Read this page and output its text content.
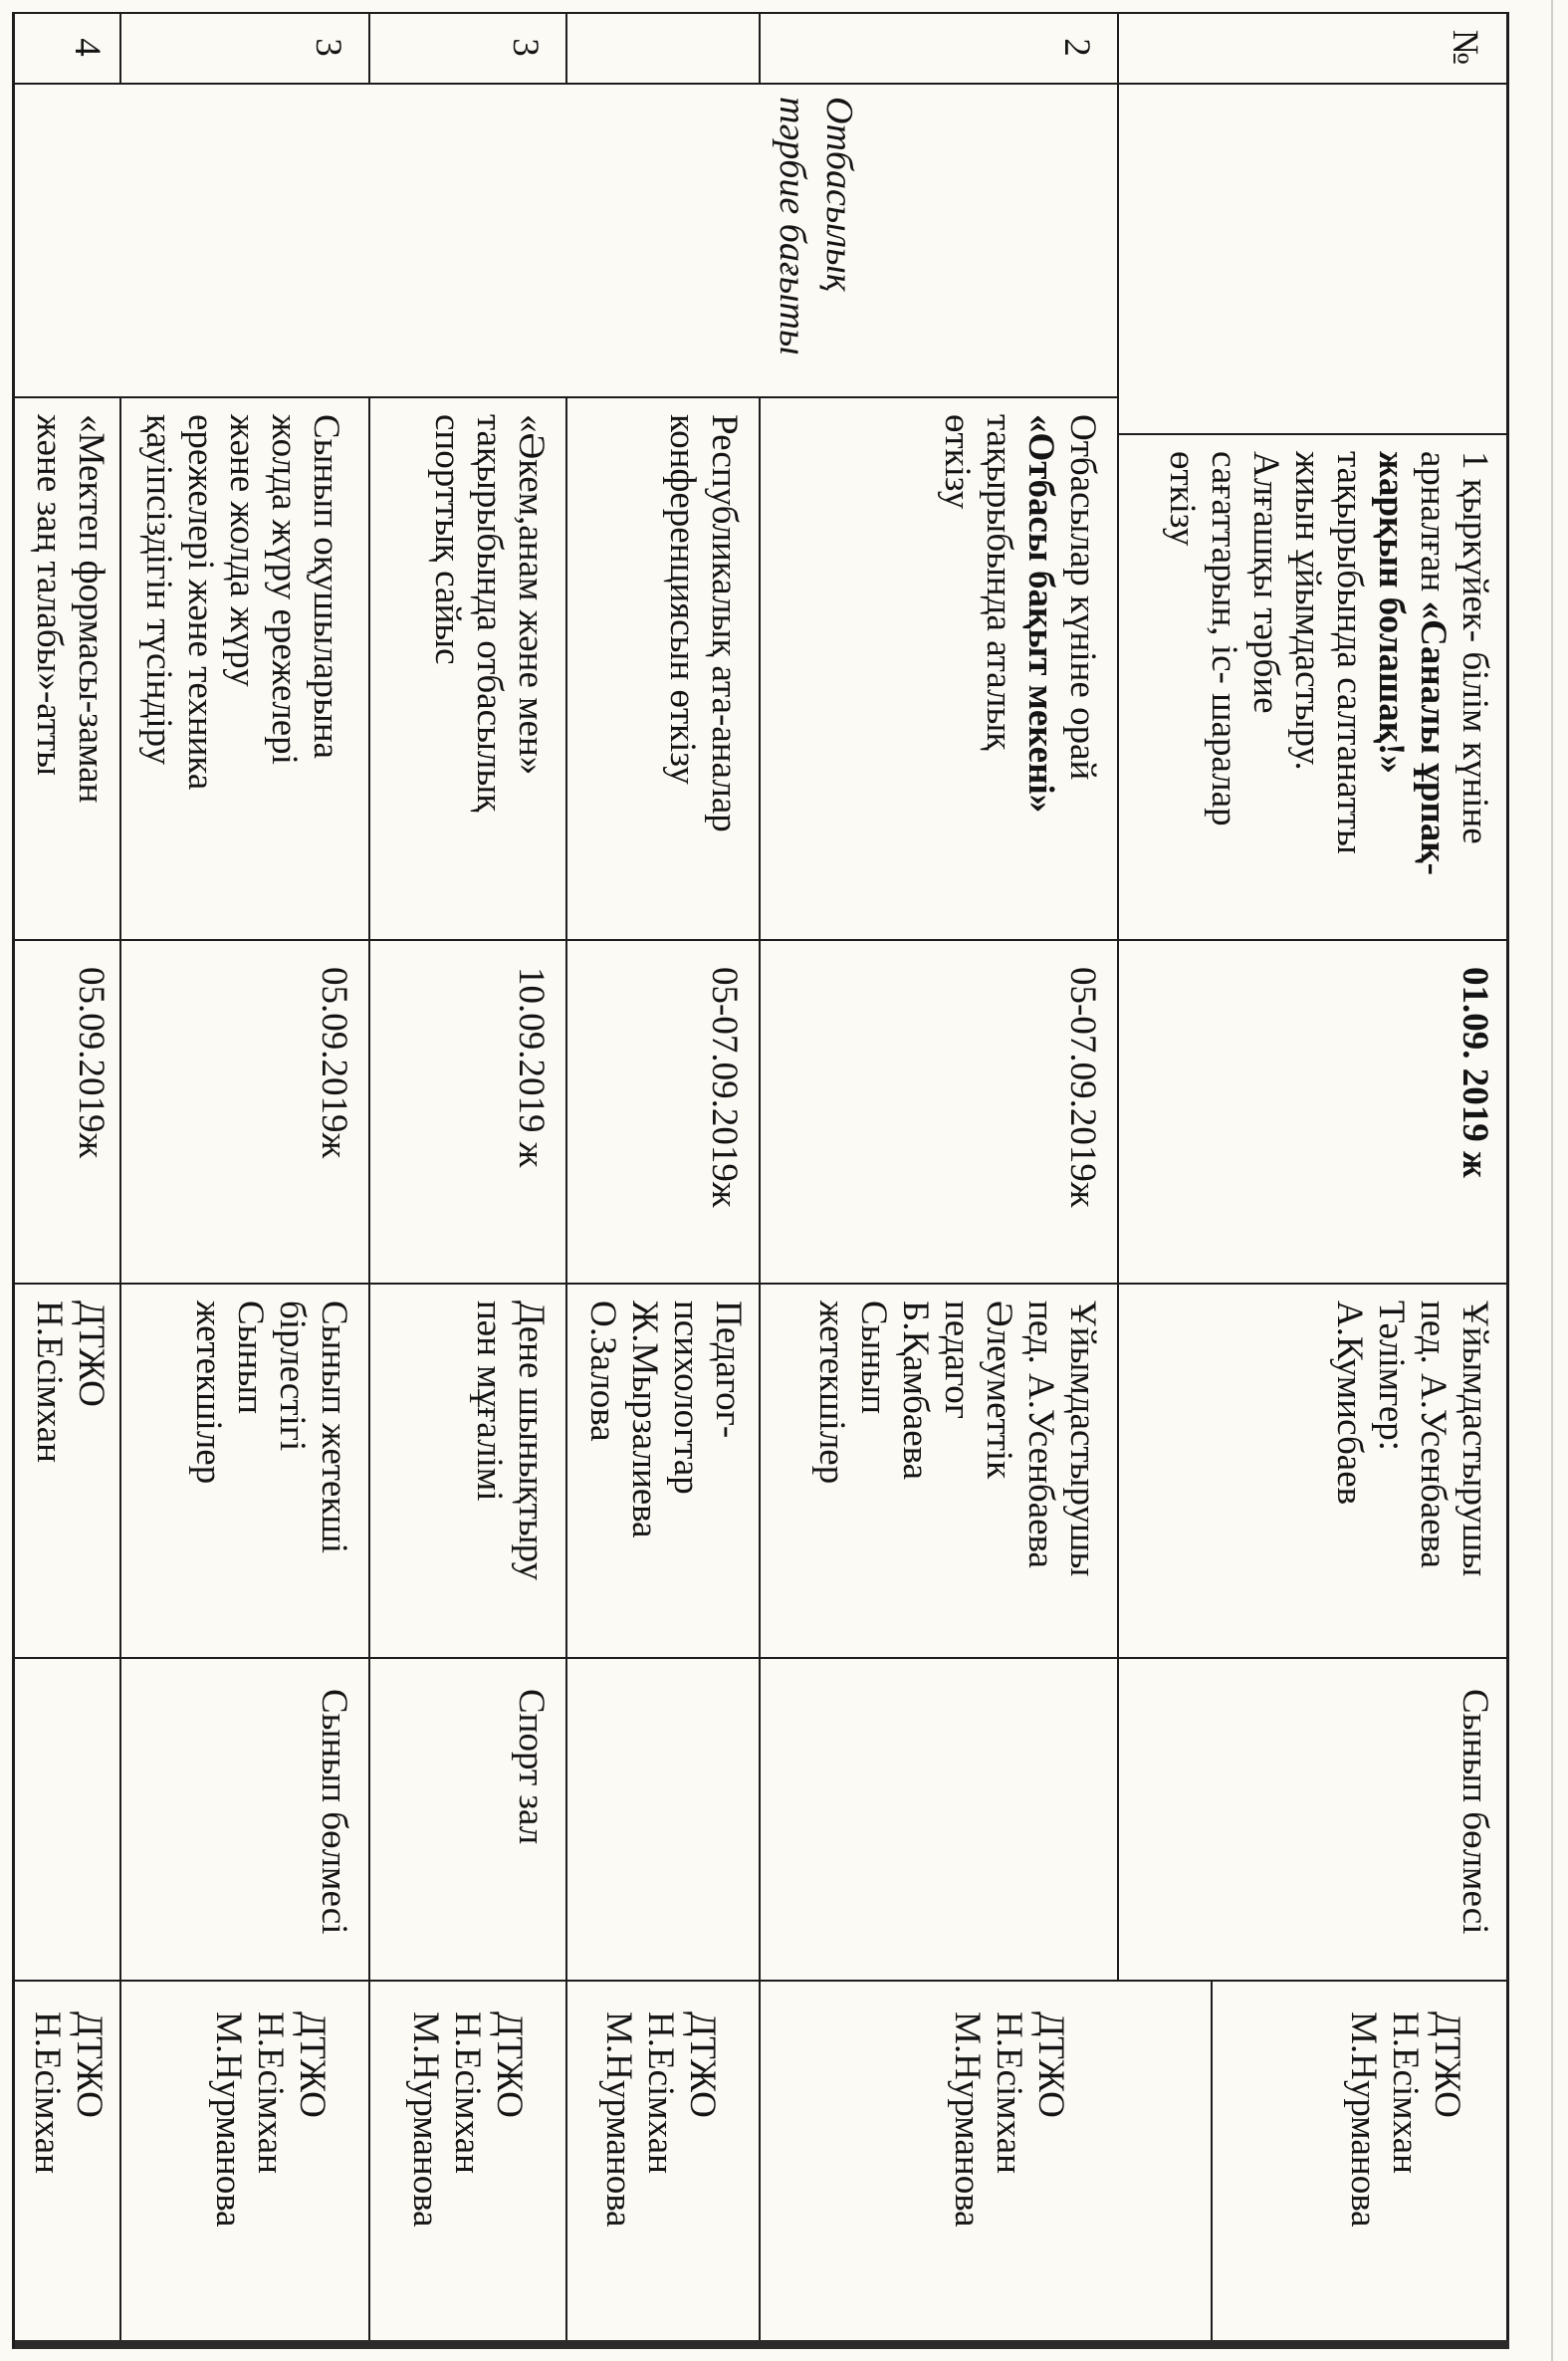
№
1 қыркүйек- білім күніне
арналған «Саналы ұрпақ-
жарқын болашақ!»
тақырыбында салтанатты
жиын ұйымдастыру.
Алғашқы тәрбие
сағаттарын, іс- шаралар
өткізу
01.09. 2019 ж
Ұйымдастырушы
пед. А.Усенбаева
Тәлімгер:
А.Кумисбаев
Сынып бөлмесі
ДТЖО
Н.Есімхан
М.Нурманова
Отбасылық
тәрбие бағыты
2
Отбасылар күніне орай
«Отбасы бақыт мекені»
тақырыбында аталық
өткізу
05-07.09.2019ж
Ұйымдастырушы
пед. А.Усенбаева
Әлеуметтік
педагог
Б.Қамбаева
Сынып
жетекшілер
ДТЖО
Н.Есімхан
М.Нурманова
Республикалық ата-аналар
конференциясын өткізу
05-07.09.2019ж
Педагог-
психологтар
Ж.Мырзалиева
О.Залова
ДТЖО
Н.Есімхан
М.Нурманова
3
«Әкем,анам және мен»
тақырыбында отбасылық
спорттық сайыс
10.09.2019 ж
Дене шынықтыру
пән мұғалімі
Спорт зал
ДТЖО
Н.Есімхан
М.Нурманова
3
Сынып оқушыларына
жолда жүру ережелері
және жолда жүру
ережелері және техника
қауіпсіздігін түсіндіру
05.09.2019ж
Сынып жетекші
бірлестігі
Сынып
жетекшілер
Сынып бөлмесі
ДТЖО
Н.Есімхан
М.Нурманова
4
«Мектеп формасы-заман
және заң талабы»-атты
05.09.2019ж
ДТЖО
Н.Есімхан
ДТЖО
Н.Есімхан
